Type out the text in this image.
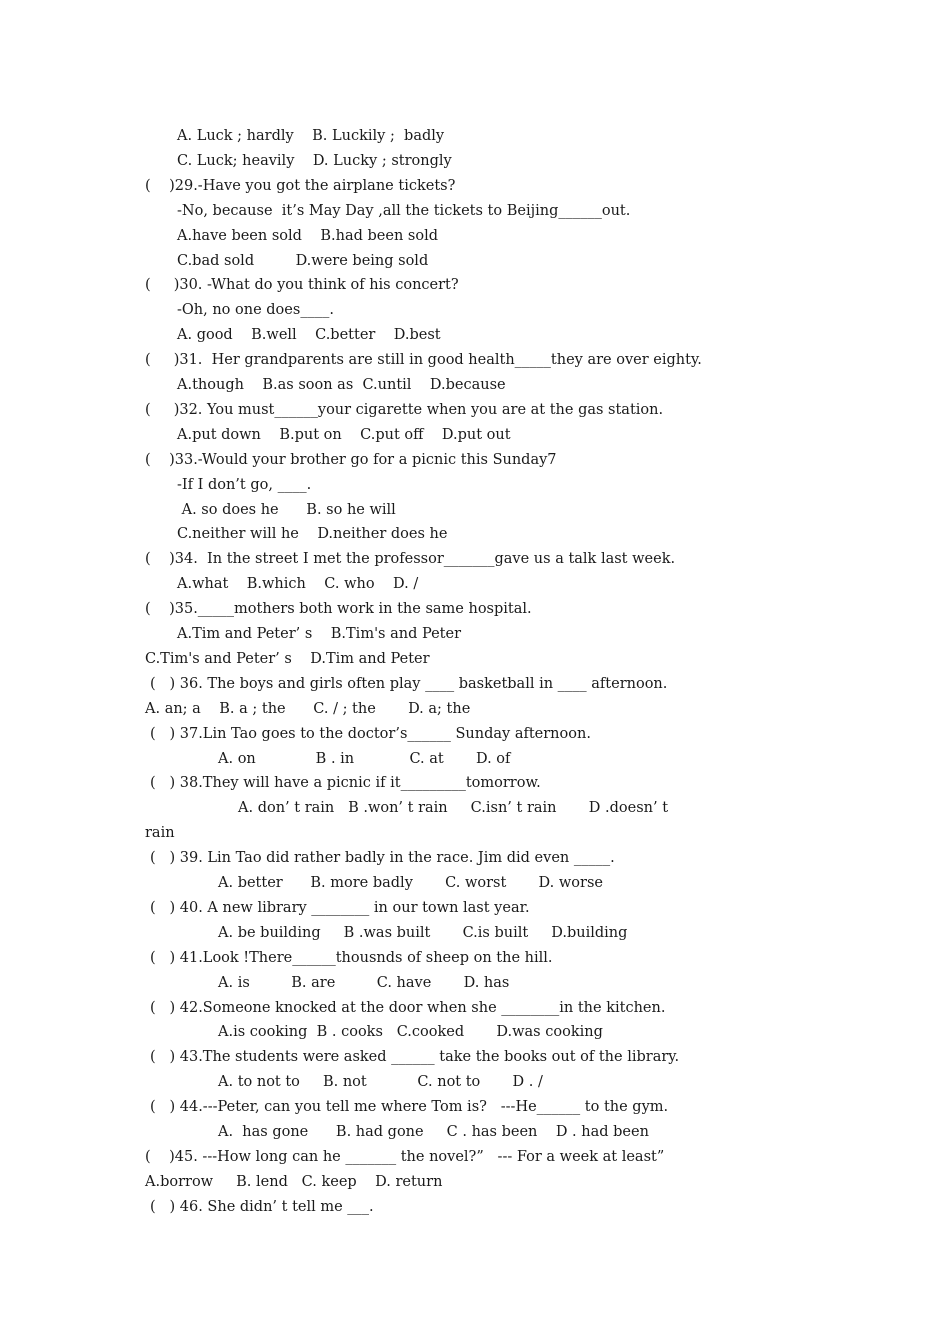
A. Luck ; hardly    B. Luckily ;  badly
C. Luck; heavily    D. Lucky ; strongly
(    )29.-Have you got the airplane tickets?
-No, because  it’s May Day ,all the tickets to Beijing______out.
A.have been sold    B.had been sold
C.bad sold         D.were being sold
(     )30. -What do you think of his concert?
-Oh, no one does____.
A. good    B.well    C.better    D.best
(     )31.  Her grandparents are still in good health_____they are over eighty.
A.though    B.as soon as  C.until    D.because
(     )32. You must______your cigarette when you are at the gas station.
A.put down    B.put on    C.put off    D.put out
(    )33.-Would your brother go for a picnic this Sunday7
-If I don’t go, ____.
A. so does he      B. so he will
C.neither will he    D.neither does he
(    )34.  In the street I met the professor_______gave us a talk last week.
A.what    B.which    C. who    D. /
(    )35._____mothers both work in the same hospital.
A.Tim and Peter’ s    B.Tim's and Peter
C.Tim's and Peter’ s    D.Tim and Peter
(   ) 36. The boys and girls often play ____ basketball in ____ afternoon.
A. an; a    B. a ; the      C. / ; the       D. a; the
(   ) 37.Lin Tao goes to the doctor’s______ Sunday afternoon.
A. on             B . in            C. at       D. of
(   ) 38.They will have a picnic if it_________tomorrow.
A. don’ t rain   B .won’ t rain     C.isn’ t rain       D .doesn’ t
rain
(   ) 39. Lin Tao did rather badly in the race. Jim did even _____.
A. better      B. more badly       C. worst       D. worse
(   ) 40. A new library ________ in our town last year.
A. be building     B .was built       C.is built     D.building
(   ) 41.Look !There______thousnds of sheep on the hill.
A. is         B. are         C. have       D. has
(   ) 42.Someone knocked at the door when she ________in the kitchen.
A.is cooking  B . cooks   C.cooked       D.was cooking
(   ) 43.The students were asked ______ take the books out of the library.
A. to not to     B. not           C. not to       D . /
(   ) 44.---Peter, can you tell me where Tom is?   ---He______ to the gym.
A.  has gone      B. had gone     C . has been    D . had been
(    )45. ---How long can he _______ the novel?”   --- For a week at least”
A.borrow     B. lend   C. keep    D. return
(   ) 46. She didn’ t tell me ___.
